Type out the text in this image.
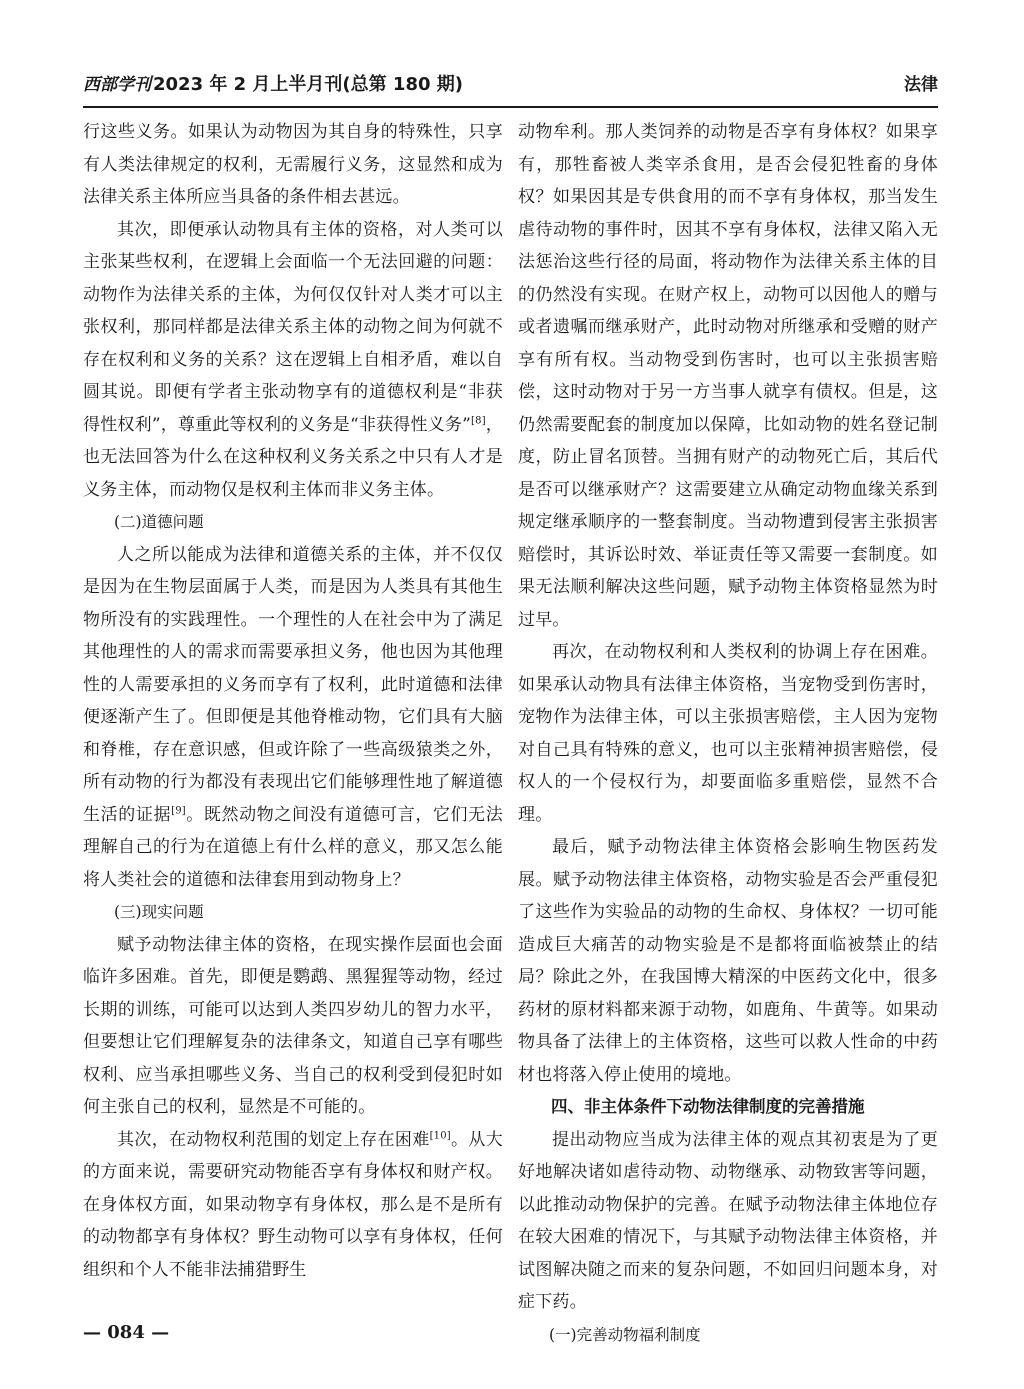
西部学刊 2023 年 2 月上半月刊(总第 180 期)	法律

行这些义务。如果认为动物因为其自身的特殊性，只享有人类法律规定的权利，无需履行义务，这显然和成为法律关系主体所应当具备的条件相去甚远。

其次，即便承认动物具有主体的资格，对人类可以主张某些权利，在逻辑上会面临一个无法回避的问题：动物作为法律关系的主体，为何仅仅针对人类才可以主张权利，那同样都是法律关系主体的动物之间为何就不存在权利和义务的关系？这在逻辑上自相矛盾，难以自圆其说。即便有学者主张动物享有的道德权利是“非获得性权利”，尊重此等权利的义务是“非获得性义务”[8]，也无法回答为什么在这种权利义务关系之中只有人才是义务主体，而动物仅是权利主体而非义务主体。

(二)道德问题

人之所以能成为法律和道德关系的主体，并不仅仅是因为在生物层面属于人类，而是因为人类具有其他生物所没有的实践理性。一个理性的人在社会中为了满足其他理性的人的需求而需要承担义务，他也因为其他理性的人需要承担的义务而享有了权利，此时道德和法律便逐渐产生了。但即便是其他脊椎动物，它们具有大脑和脊椎，存在意识感，但或许除了一些高级猿类之外，所有动物的行为都没有表现出它们能够理性地了解道德生活的证据[9]。既然动物之间没有道德可言，它们无法理解自己的行为在道德上有什么样的意义，那又怎么能将人类社会的道德和法律套用到动物身上？

(三)现实问题

赋予动物法律主体的资格，在现实操作层面也会面临许多困难。首先，即便是鹦鹉、黑猩猩等动物，经过长期的训练，可能可以达到人类四岁幼儿的智力水平，但要想让它们理解复杂的法律条文，知道自己享有哪些权利、应当承担哪些义务、当自己的权利受到侵犯时如何主张自己的权利，显然是不可能的。

其次，在动物权利范围的划定上存在困难[10]。从大的方面来说，需要研究动物能否享有身体权和财产权。在身体权方面，如果动物享有身体权，那么是不是所有的动物都享有身体权？野生动物可以享有身体权，任何组织和个人不能非法捕猎野生

动物牟利。那人类饲养的动物是否享有身体权？如果享有，那牲畜被人类宰杀食用，是否会侵犯牲畜的身体权？如果因其是专供食用的而不享有身体权，那当发生虐待动物的事件时，因其不享有身体权，法律又陷入无法惩治这些行径的局面，将动物作为法律关系主体的目的仍然没有实现。在财产权上，动物可以因他人的赠与或者遗嘱而继承财产，此时动物对所继承和受赠的财产享有所有权。当动物受到伤害时，也可以主张损害赔偿，这时动物对于另一方当事人就享有债权。但是，这仍然需要配套的制度加以保障，比如动物的姓名登记制度，防止冒名顶替。当拥有财产的动物死亡后，其后代是否可以继承财产？这需要建立从确定动物血缘关系到规定继承顺序的一整套制度。当动物遭到侵害主张损害赔偿时，其诉讼时效、举证责任等又需要一套制度。如果无法顺利解决这些问题，赋予动物主体资格显然为时过早。

再次，在动物权利和人类权利的协调上存在困难。如果承认动物具有法律主体资格，当宠物受到伤害时，宠物作为法律主体，可以主张损害赔偿，主人因为宠物对自己具有特殊的意义，也可以主张精神损害赔偿，侵权人的一个侵权行为，却要面临多重赔偿，显然不合理。

最后，赋予动物法律主体资格会影响生物医药发展。赋予动物法律主体资格，动物实验是否会严重侵犯了这些作为实验品的动物的生命权、身体权？一切可能造成巨大痛苦的动物实验是不是都将面临被禁止的结局？除此之外，在我国博大精深的中医药文化中，很多药材的原材料都来源于动物，如鹿角、牛黄等。如果动物具备了法律上的主体资格，这些可以救人性命的中药材也将落入停止使用的境地。

四、非主体条件下动物法律制度的完善措施

提出动物应当成为法律主体的观点其初衷是为了更好地解决诸如虐待动物、动物继承、动物致害等问题，以此推动动物保护的完善。在赋予动物法律主体地位存在较大困难的情况下，与其赋予动物法律主体资格，并试图解决随之而来的复杂问题，不如回归问题本身，对症下药。

(一)完善动物福利制度

— 084 —
